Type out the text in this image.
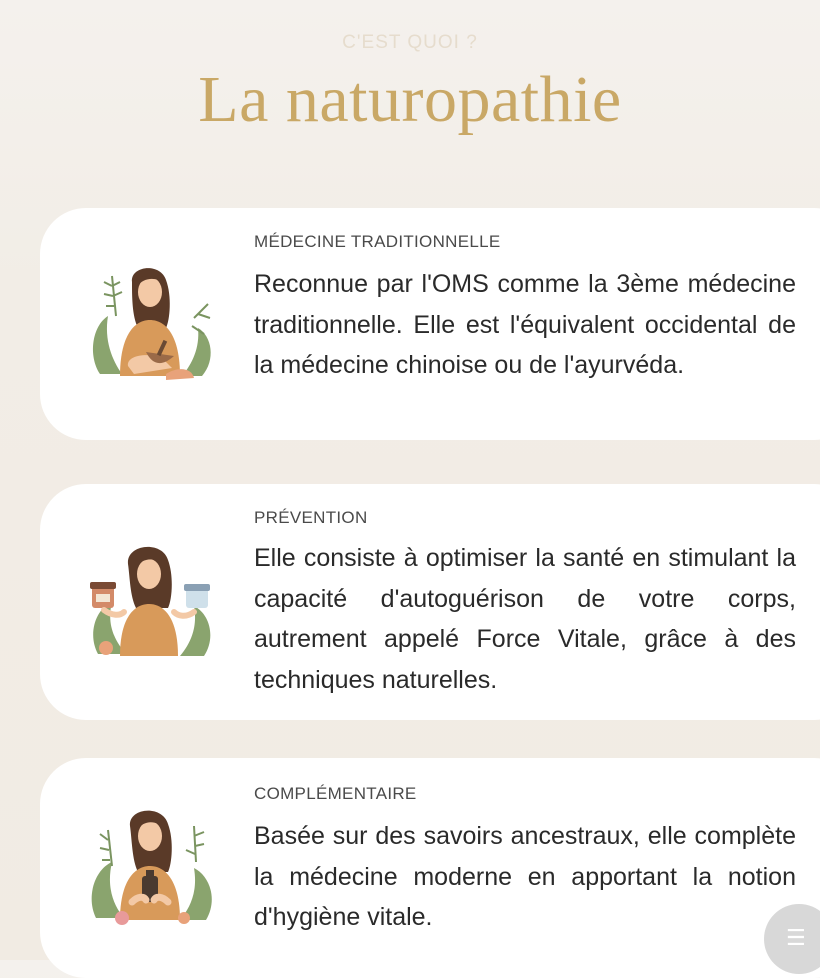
C'EST QUOI ?
La naturopathie
MÉDECINE TRADITIONNELLE
Reconnue par l'OMS comme la 3ème médecine traditionnelle. Elle est l'équivalent occidental de la médecine chinoise ou de l'ayurvéda.
PRÉVENTION
Elle consiste à optimiser la santé en stimulant la capacité d'autoguérison de votre corps, autrement appelé Force Vitale, grâce à des techniques naturelles.
COMPLÉMENTAIRE
Basée sur des savoirs ancestraux, elle complète la médecine moderne en apportant la notion d'hygiène vitale.
☰
